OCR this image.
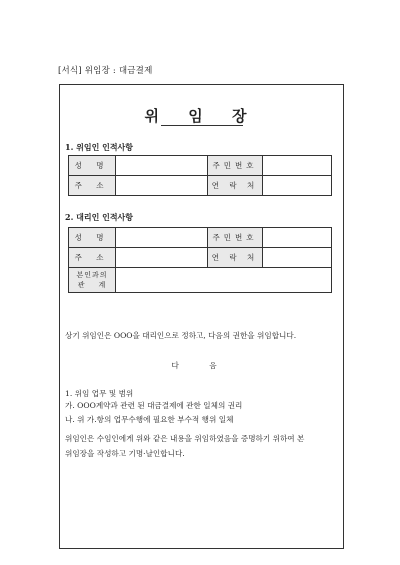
[서식] 위임장 : 대금결제
위 임 장
1. 위임인 인적사항
성 명		주민번호	
주 소		연 락 처	
2. 대리인 인적사항
성 명		주민번호	
주 소		연 락 처	
본인과의
관    계			
상기 위임인은 OOO을 대리인으로 정하고, 다음의 권한을 위임합니다.
다 음
1. 위임 업무 및 범위
가. OOO계약과 관련 된 대금결제에 관한 일체의 권리
나. 위 가.항의 업무수행에 필요한 부수적 행위 일체
위임인은 수임인에게 위와 같은 내용을 위임하였음을 증명하기 위하여 본
위임장을 작성하고 기명·날인합니다.
